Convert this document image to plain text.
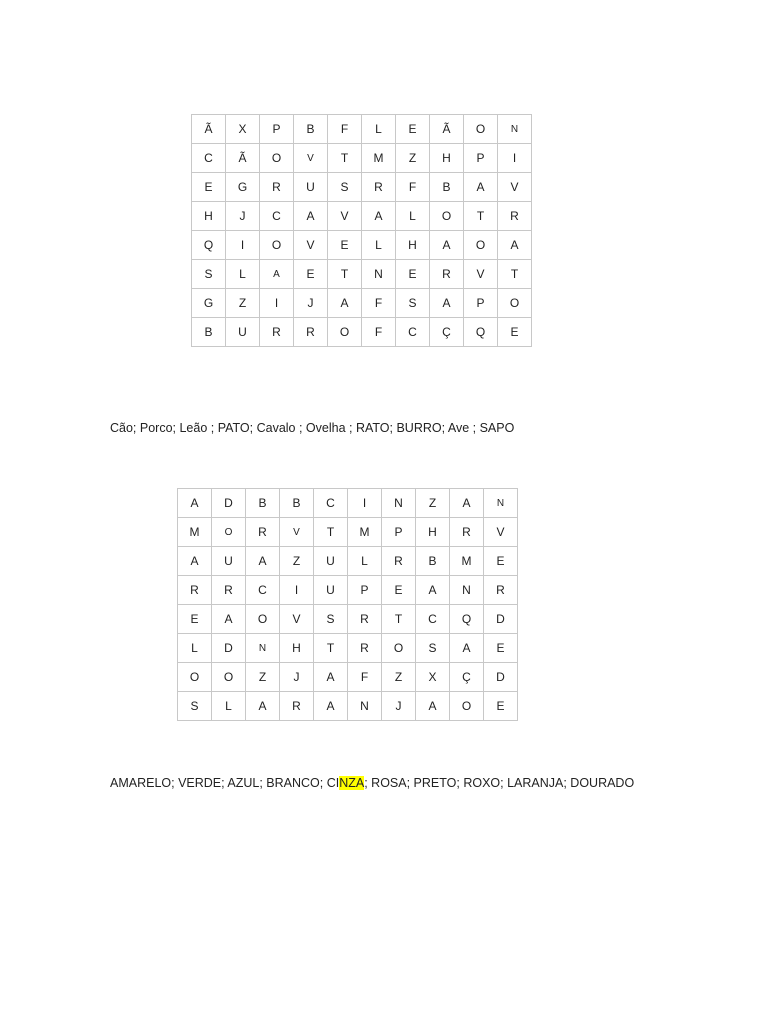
Ã	X	P	B	F	L	E	Ã	O	N
C	Ã	O	V	T	M	Z	H	P	I
E	G	R	U	S	R	F	B	A	V
H	J	C	A	V	A	L	O	T	R
Q	I	O	V	E	L	H	A	O	A
S	L	A	E	T	N	E	R	V	T
G	Z	I	J	A	F	S	A	P	O
B	U	R	R	O	F	C	Ç	Q	E

Cão; Porco; Leão ; PATO; Cavalo ; Ovelha ; RATO; BURRO; Ave ; SAPO

A	D	B	B	C	I	N	Z	A	N
M	O	R	V	T	M	P	H	R	V
A	U	A	Z	U	L	R	B	M	E
R	R	C	I	U	P	E	A	N	R
E	A	O	V	S	R	T	C	Q	D
L	D	N	H	T	R	O	S	A	E
O	O	Z	J	A	F	Z	X	Ç	D
S	L	A	R	A	N	J	A	O	E

AMARELO; VERDE; AZUL; BRANCO; CINZA; ROSA; PRETO; ROXO; LARANJA; DOURADO
